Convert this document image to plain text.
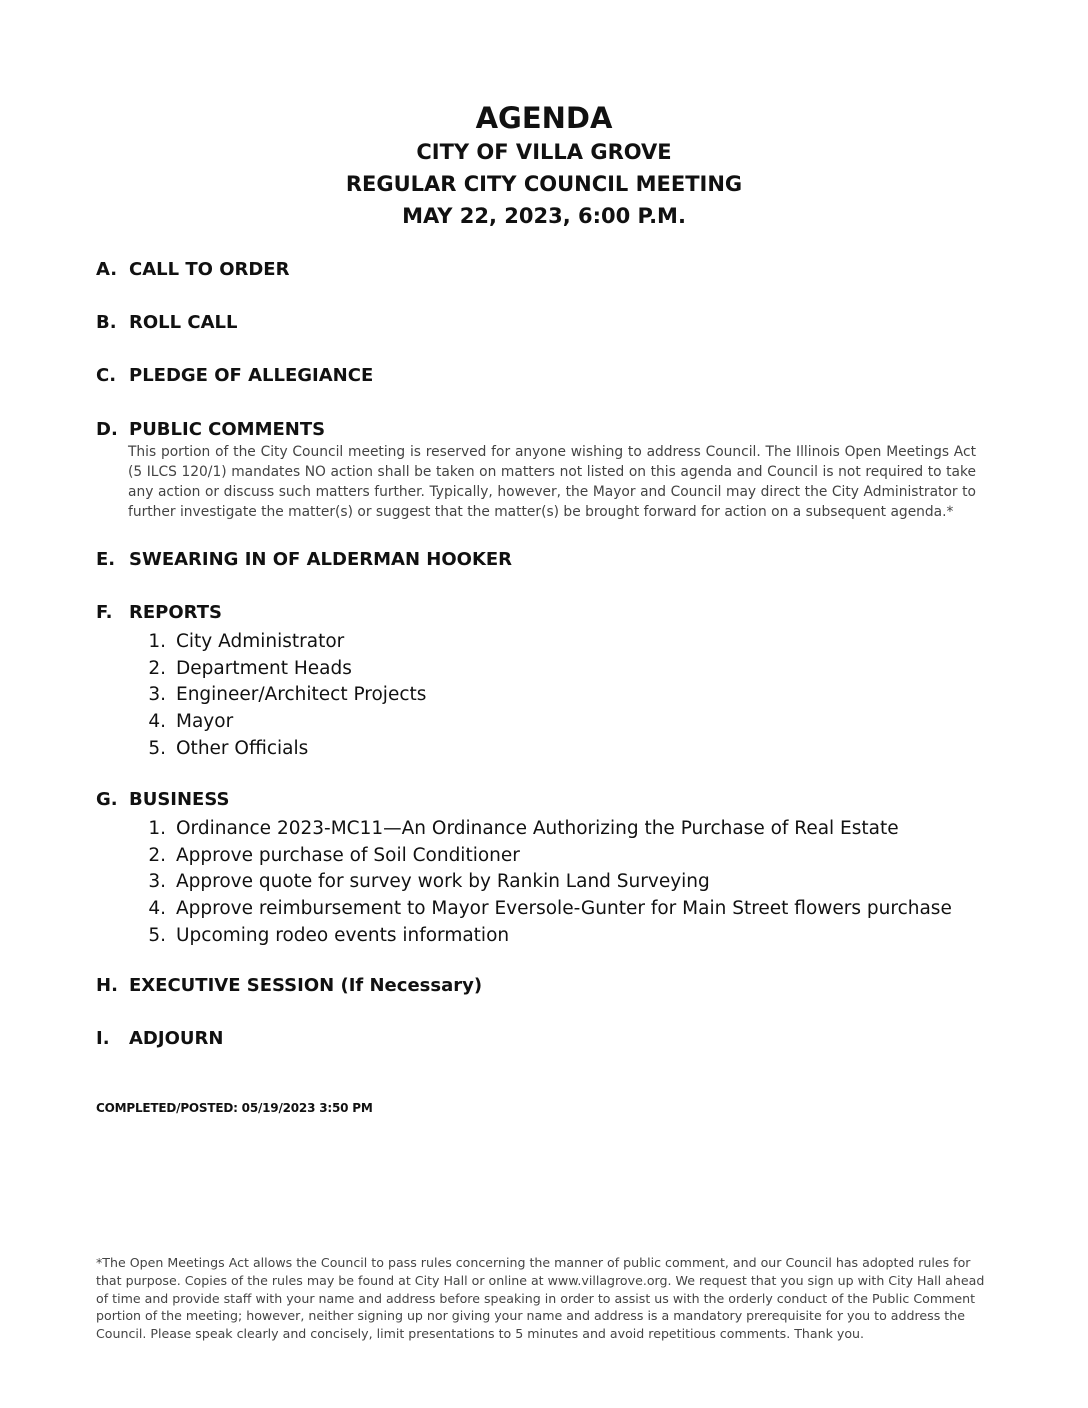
AGENDA
CITY OF VILLA GROVE
REGULAR CITY COUNCIL MEETING
MAY 22, 2023, 6:00 P.M.
A. CALL TO ORDER
B. ROLL CALL
C. PLEDGE OF ALLEGIANCE
D. PUBLIC COMMENTS
This portion of the City Council meeting is reserved for anyone wishing to address Council. The Illinois Open Meetings Act (5 ILCS 120/1) mandates NO action shall be taken on matters not listed on this agenda and Council is not required to take any action or discuss such matters further. Typically, however, the Mayor and Council may direct the City Administrator to further investigate the matter(s) or suggest that the matter(s) be brought forward for action on a subsequent agenda.*
E. SWEARING IN OF ALDERMAN HOOKER
F. REPORTS
1. City Administrator
2. Department Heads
3. Engineer/Architect Projects
4. Mayor
5. Other Officials
G. BUSINESS
1. Ordinance 2023-MC11—An Ordinance Authorizing the Purchase of Real Estate
2. Approve purchase of Soil Conditioner
3. Approve quote for survey work by Rankin Land Surveying
4. Approve reimbursement to Mayor Eversole-Gunter for Main Street flowers purchase
5. Upcoming rodeo events information
H. EXECUTIVE SESSION (If Necessary)
I. ADJOURN
COMPLETED/POSTED: 05/19/2023 3:50 PM
*The Open Meetings Act allows the Council to pass rules concerning the manner of public comment, and our Council has adopted rules for that purpose. Copies of the rules may be found at City Hall or online at www.villagrove.org. We request that you sign up with City Hall ahead of time and provide staff with your name and address before speaking in order to assist us with the orderly conduct of the Public Comment portion of the meeting; however, neither signing up nor giving your name and address is a mandatory prerequisite for you to address the Council. Please speak clearly and concisely, limit presentations to 5 minutes and avoid repetitious comments. Thank you.
